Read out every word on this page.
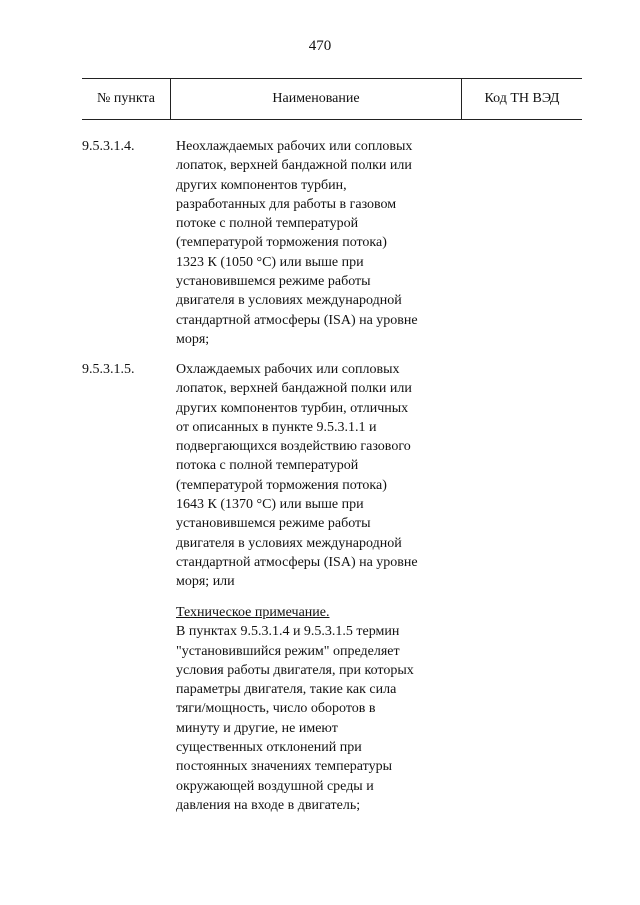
470
№ пункта	Наименование	Код ТН ВЭД
9.5.3.1.4.	Неохлаждаемых рабочих или сопловых
лопаток, верхней бандажной полки или
других компонентов турбин,
разработанных для работы в газовом
потоке с полной температурой
(температурой торможения потока)
1323 К (1050 °С) или выше при
установившемся режиме работы
двигателя в условиях международной
стандартной атмосферы (ISA) на уровне
моря;
9.5.3.1.5.	Охлаждаемых рабочих или сопловых
лопаток, верхней бандажной полки или
других компонентов турбин, отличных
от описанных в пункте 9.5.3.1.1 и
подвергающихся воздействию газового
потока с полной температурой
(температурой торможения потока)
1643 К (1370 °С) или выше при
установившемся режиме работы
двигателя в условиях международной
стандартной атмосферы (ISA) на уровне
моря; или
Техническое примечание.
В пунктах 9.5.3.1.4 и 9.5.3.1.5 термин
"установившийся режим" определяет
условия работы двигателя, при которых
параметры двигателя, такие как сила
тяги/мощность, число оборотов в
минуту и другие, не имеют
существенных отклонений при
постоянных значениях температуры
окружающей воздушной среды и
давления на входе в двигатель;
